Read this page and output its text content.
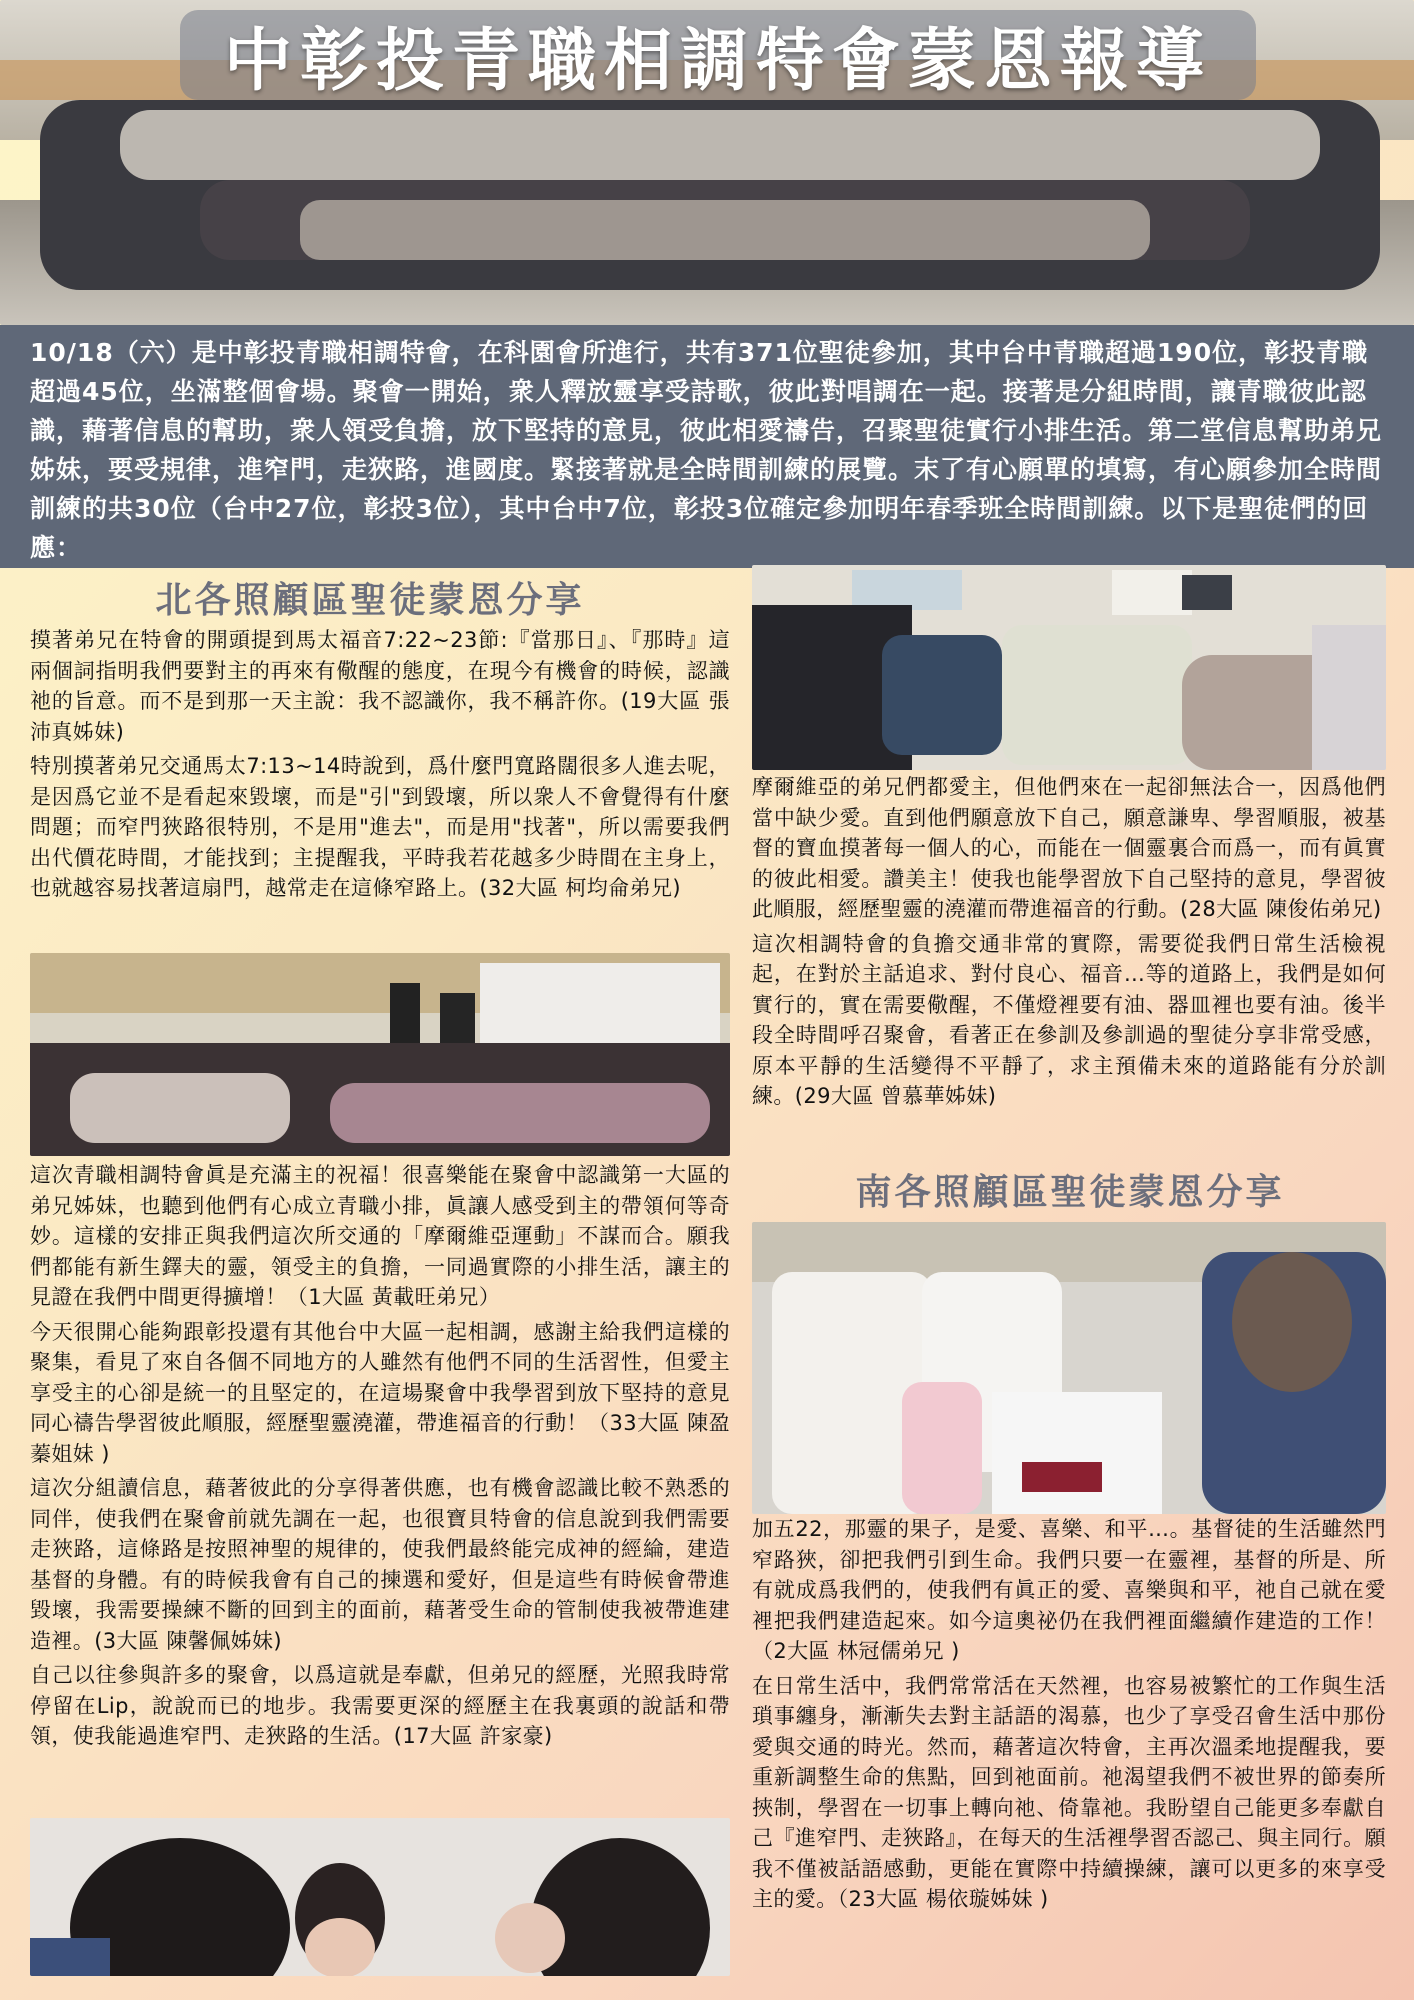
中彰投青職相調特會蒙恩報導
10/18（六）是中彰投青職相調特會，在科園會所進行，共有371位聖徒參加，其中台中青職超過190位，彰投青職超過45位，坐滿整個會場。聚會一開始，衆人釋放靈享受詩歌，彼此對唱調在一起。接著是分組時間，讓青職彼此認識，藉著信息的幫助，衆人領受負擔，放下堅持的意見，彼此相愛禱告，召聚聖徒實行小排生活。第二堂信息幫助弟兄姊妹，要受規律，進窄門，走狹路，進國度。緊接著就是全時間訓練的展覽。末了有心願單的填寫，有心願參加全時間訓練的共30位（台中27位，彰投3位），其中台中7位，彰投3位確定參加明年春季班全時間訓練。以下是聖徒們的回應：
北各照顧區聖徒蒙恩分享

摸著弟兄在特會的開頭提到馬太福音7:22~23節:『當那日』、『那時』這兩個詞指明我們要對主的再來有儆醒的態度，在現今有機會的時候，認識祂的旨意。而不是到那一天主說：我不認識你，我不稱許你。(19大區 張沛真姊妹)

特別摸著弟兄交通馬太7:13~14時說到，爲什麼門寬路闊很多人進去呢，是因爲它並不是看起來毀壞，而是"引"到毀壞，所以衆人不會覺得有什麼問題；而窄門狹路很特別，不是用"進去"，而是用"找著"，所以需要我們出代價花時間，才能找到；主提醒我，平時我若花越多少時間在主身上，也就越容易找著這扇門，越常走在這條窄路上。(32大區 柯均侖弟兄)

這次青職相調特會眞是充滿主的祝福！很喜樂能在聚會中認識第一大區的弟兄姊妹，也聽到他們有心成立青職小排，眞讓人感受到主的帶領何等奇妙。這樣的安排正與我們這次所交通的「摩爾維亞運動」不謀而合。願我們都能有新生鐸夫的靈，領受主的負擔，一同過實際的小排生活，讓主的見證在我們中間更得擴增！（1大區 黃載旺弟兄）

今天很開心能夠跟彰投還有其他台中大區一起相調，感謝主給我們這樣的聚集，看見了來自各個不同地方的人雖然有他們不同的生活習性，但愛主享受主的心卻是統一的且堅定的，在這場聚會中我學習到放下堅持的意見同心禱告學習彼此順服，經歷聖靈澆灌，帶進福音的行動！（33大區 陳盈蓁姐妹 )

這次分組讀信息，藉著彼此的分享得著供應，也有機會認識比較不熟悉的同伴，使我們在聚會前就先調在一起，也很寶貝特會的信息說到我們需要走狹路，這條路是按照神聖的規律的，使我們最終能完成神的經綸，建造基督的身體。有的時候我會有自己的揀選和愛好，但是這些有時候會帶進毀壞，我需要操練不斷的回到主的面前，藉著受生命的管制使我被帶進建造裡。(3大區 陳馨佩姊妹)

自己以往參與許多的聚會，以爲這就是奉獻，但弟兄的經歷，光照我時常停留在Lip，說說而已的地步。我需要更深的經歷主在我裏頭的說話和帶領，使我能過進窄門、走狹路的生活。(17大區 許家豪)

摩爾維亞的弟兄們都愛主，但他們來在一起卻無法合一，因爲他們當中缺少愛。直到他們願意放下自己，願意謙卑、學習順服，被基督的寶血摸著每一個人的心，而能在一個靈裏合而爲一，而有眞實的彼此相愛。讚美主！使我也能學習放下自己堅持的意見，學習彼此順服，經歷聖靈的澆灌而帶進福音的行動。(28大區 陳俊佑弟兄)

這次相調特會的負擔交通非常的實際，需要從我們日常生活檢視起，在對於主話追求、對付良心、福音…等的道路上，我們是如何實行的，實在需要儆醒，不僅燈裡要有油、器皿裡也要有油。後半段全時間呼召聚會，看著正在參訓及參訓過的聖徒分享非常受感，原本平靜的生活變得不平靜了，求主預備未來的道路能有分於訓練。(29大區 曾慕華姊妹)

南各照顧區聖徒蒙恩分享

加五22，那靈的果子，是愛、喜樂、和平…。基督徒的生活雖然門窄路狹，卻把我們引到生命。我們只要一在靈裡，基督的所是、所有就成爲我們的，使我們有眞正的愛、喜樂與和平，祂自己就在愛裡把我們建造起來。如今這奧祕仍在我們裡面繼續作建造的工作！（2大區 林冠儒弟兄 )

在日常生活中，我們常常活在天然裡，也容易被繁忙的工作與生活瑣事纏身，漸漸失去對主話語的渴慕，也少了享受召會生活中那份愛與交通的時光。然而，藉著這次特會，主再次溫柔地提醒我，要重新調整生命的焦點，回到祂面前。祂渴望我們不被世界的節奏所挾制，學習在一切事上轉向祂、倚靠祂。我盼望自己能更多奉獻自己『進窄門、走狹路』，在每天的生活裡學習否認己、與主同行。願我不僅被話語感動，更能在實際中持續操練，讓可以更多的來享受主的愛。（23大區 楊依璇姊妹 )
